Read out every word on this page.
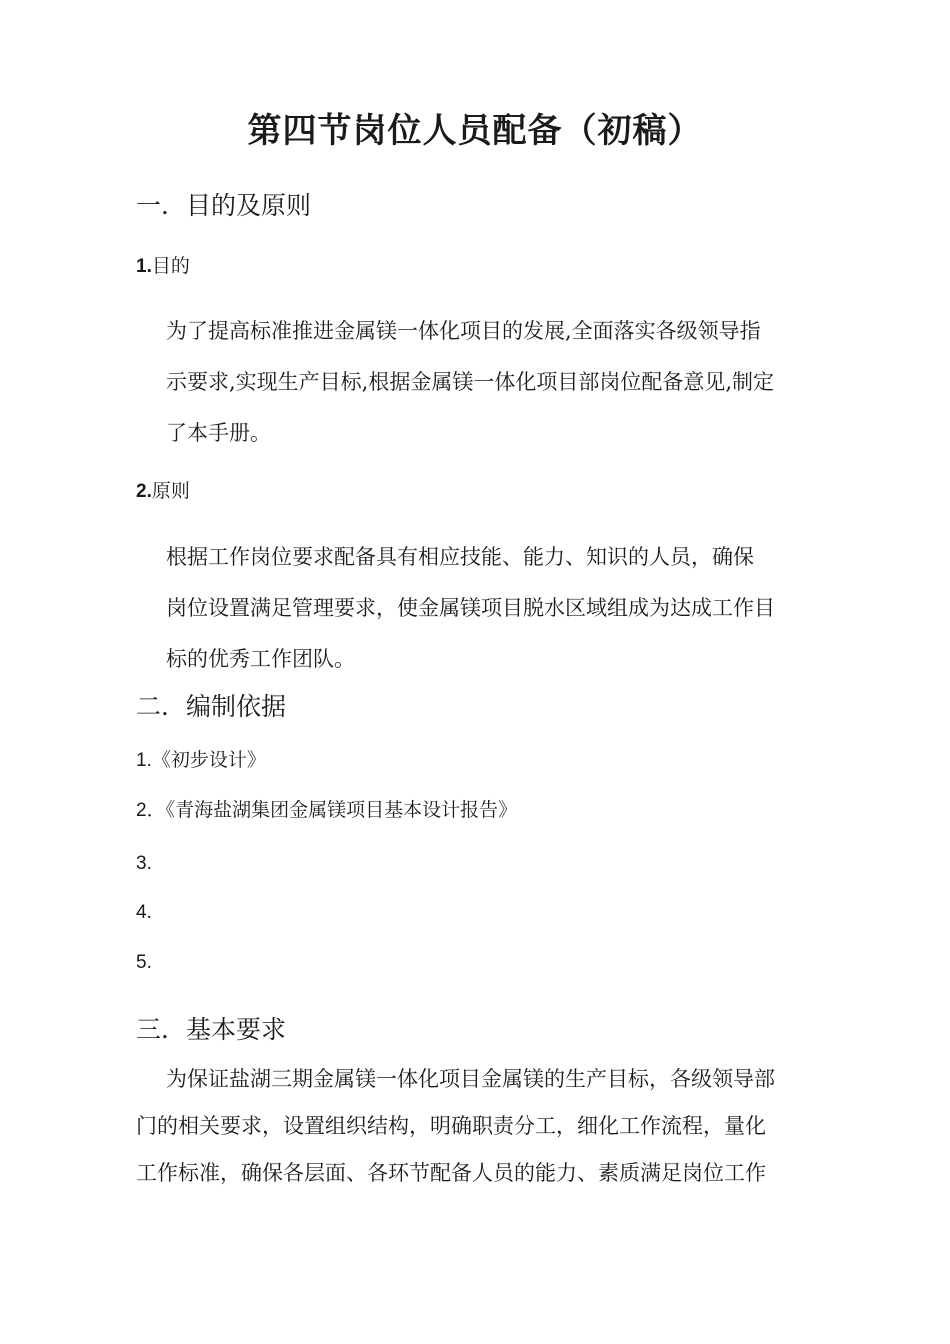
第四节岗位人员配备（初稿）
一．目的及原则
1.目的
为了提高标准推进金属镁一体化项目的发展,全面落实各级领导指
示要求,实现生产目标,根据金属镁一体化项目部岗位配备意见,制定
了本手册。
2.原则
根据工作岗位要求配备具有相应技能、能力、知识的人员，确保
岗位设置满足管理要求，使金属镁项目脱水区域组成为达成工作目
标的优秀工作团队。
二．编制依据
1.《初步设计》
2．《青海盐湖集团金属镁项目基本设计报告》
3.
4.
5.
三．基本要求
为保证盐湖三期金属镁一体化项目金属镁的生产目标，各级领导部
门的相关要求，设置组织结构，明确职责分工，细化工作流程，量化
工作标准，确保各层面、各环节配备人员的能力、素质满足岗位工作
